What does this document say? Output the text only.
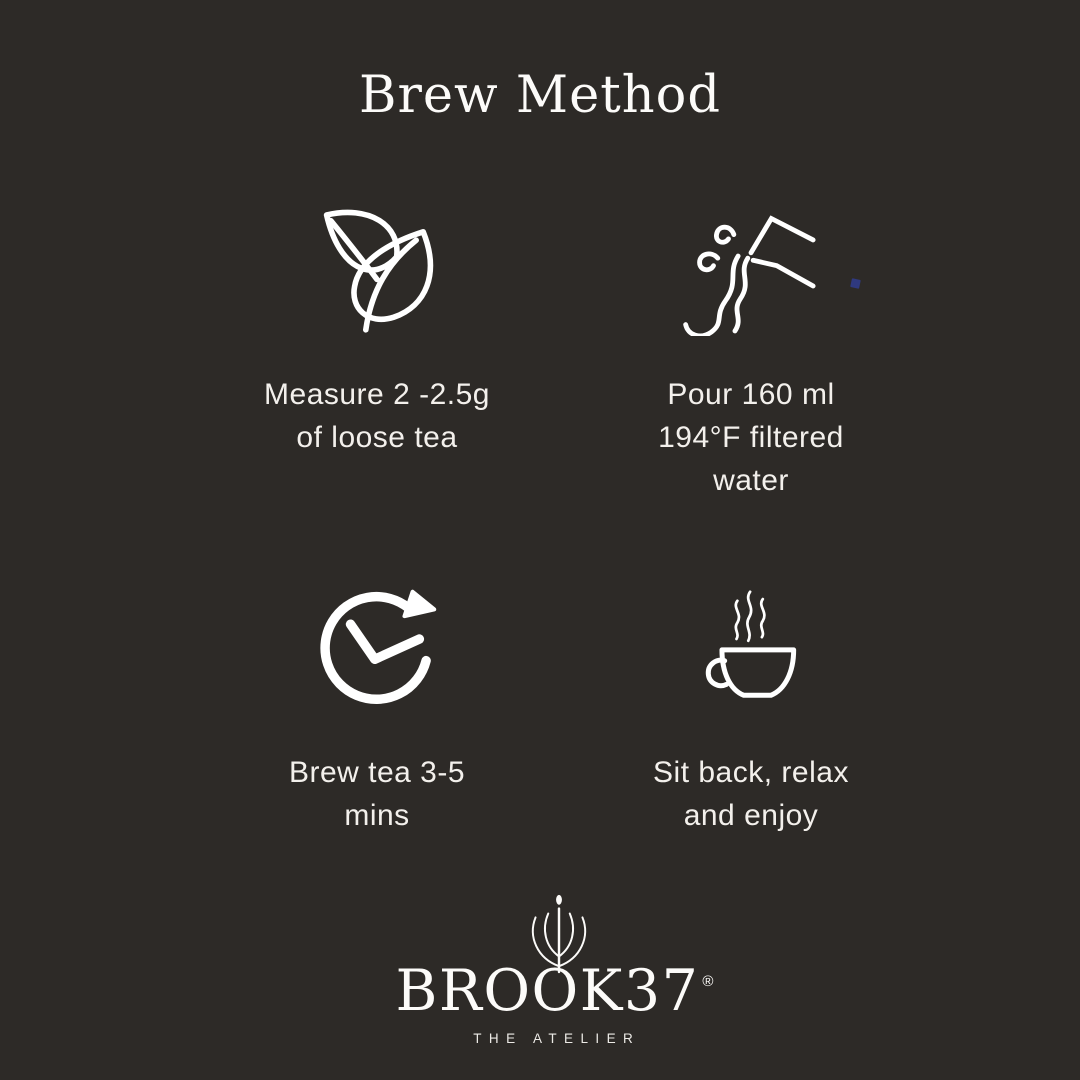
Brew Method
Measure 2 -2.5g
of loose tea
Pour 160 ml
194°F filtered
water
Brew tea 3-5
mins
Sit back, relax
and enjoy
BROOK37 ®
THE ATELIER
